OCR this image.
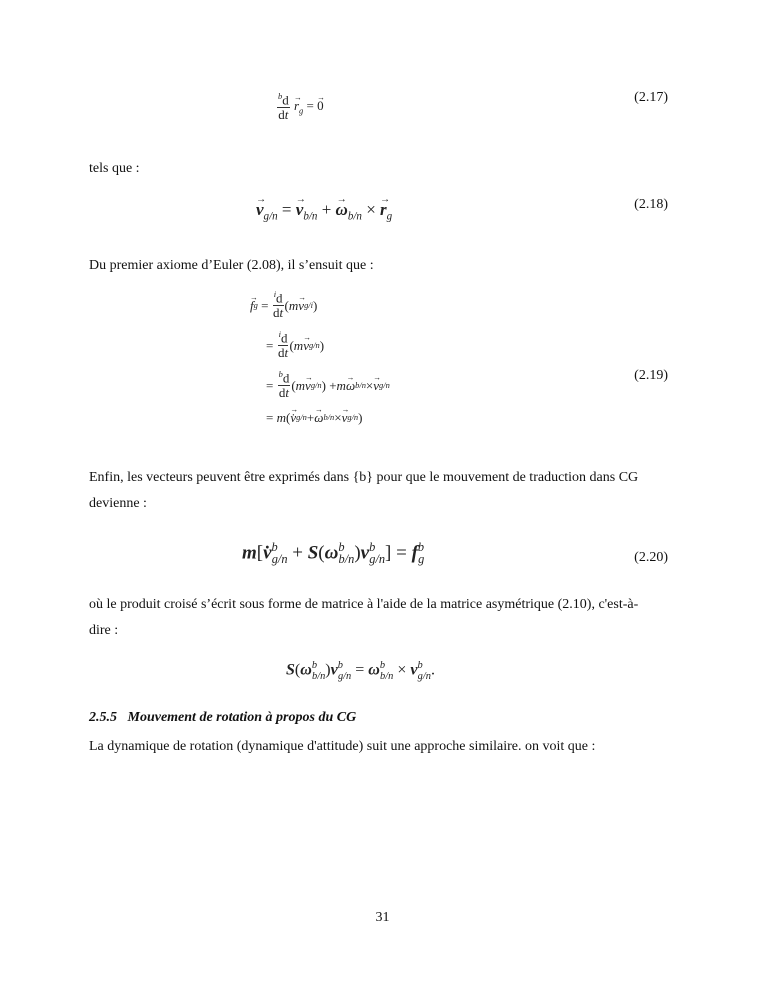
$\frac{^bd}{dt} \to r_g$ = → 0
(2.17)
tels que :
→ $v_{g/n}$ = → $v_{b/n}$ + → $\omega_{b/n}$ × → $r_g$
(2.18)
Du premier axiome d’Euler (2.08), il s’ensuit que :
→ f g
=
$\frac{^id}{dt}$ ( m → v g/i )
=
$\frac{^id}{dt}$ ( m → v g/n )
=
$\frac{^bd}{dt}$ ( m → v g/n ) + m → ω b/n × → v g/n
= m ( → v̇ g/n + → ω b/n × → v g/n )
(2.19)
Enfin, les vecteurs peuvent être exprimés dans {b} pour que le mouvement de traduction dans CG
devienne :
m[v̇$^b_{g/n}$ + $S(\omega^b_{b/n})v^b_{g/n}] = f^b_g$	(2.20)
où le produit croisé s’écrit sous forme de matrice à l'aide de la matrice asymétrique (2.10), c'est-à-
dire :
$S(\omega^b_{b/n})v^b_{g/n} = \omega^b_{b/n} \times v^b_{g/n}$.
2.5.5 Mouvement de rotation à propos du CG
La dynamique de rotation (dynamique d'attitude) suit une approche similaire. on voit que :
31
